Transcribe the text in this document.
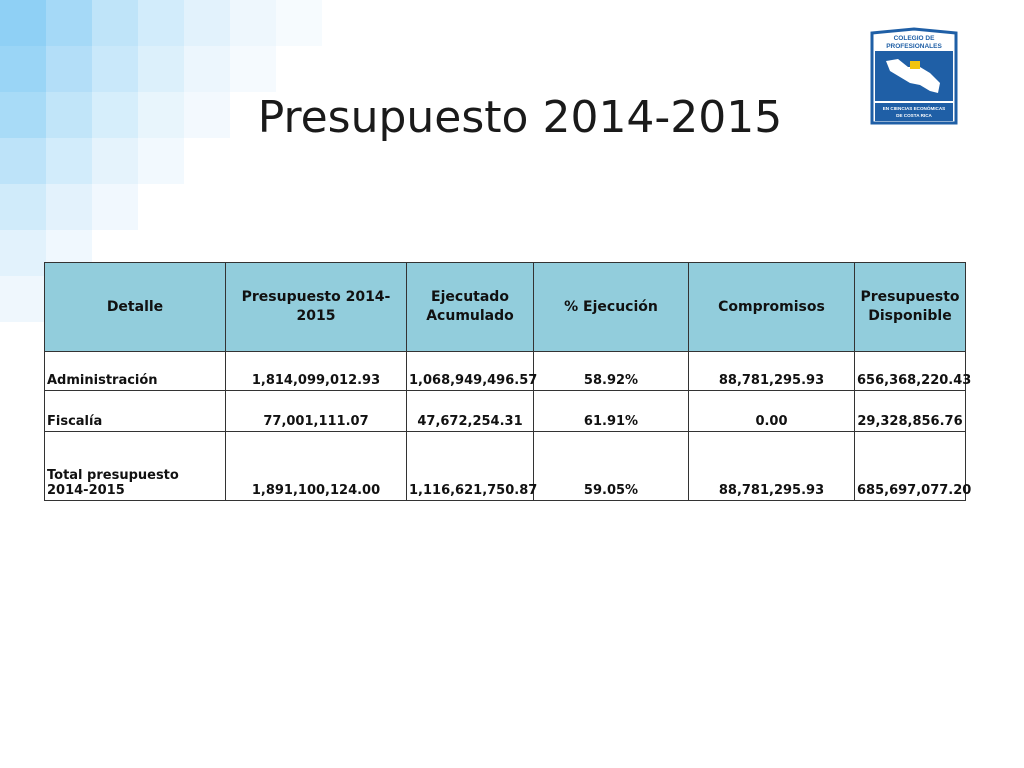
Presupuesto 2014-2015
COLEGIO DE
PROFESIONALES
EN CIENCIAS ECONÓMICAS
DE COSTA RICA
Detalle	Presupuesto 2014-2015	Ejecutado Acumulado	% Ejecución	Compromisos	Presupuesto Disponible
Administración	1,814,099,012.93	1,068,949,496.57	58.92%	88,781,295.93	656,368,220.43
Fiscalía	77,001,111.07	47,672,254.31	61.91%	0.00	29,328,856.76
Total presupuesto 2014-2015	1,891,100,124.00	1,116,621,750.87	59.05%	88,781,295.93	685,697,077.20
